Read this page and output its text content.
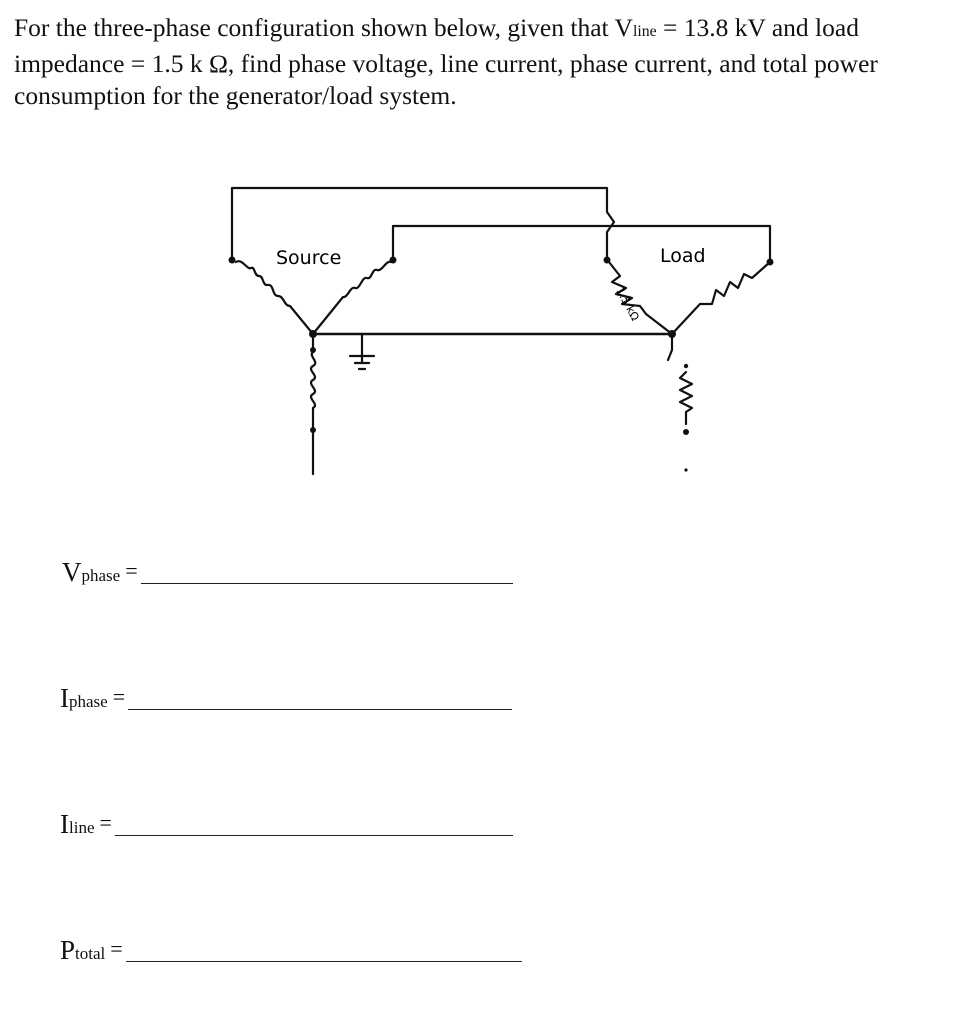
For the three-phase configuration shown below, given that Vline = 13.8 kV and load impedance = 1.5 k Ω, find phase voltage, line current, phase current, and total power consumption for the generator/load system.

Source	Load
1.5 kΩ
Vphase =
Iphase =
Iline =
Ptotal =
